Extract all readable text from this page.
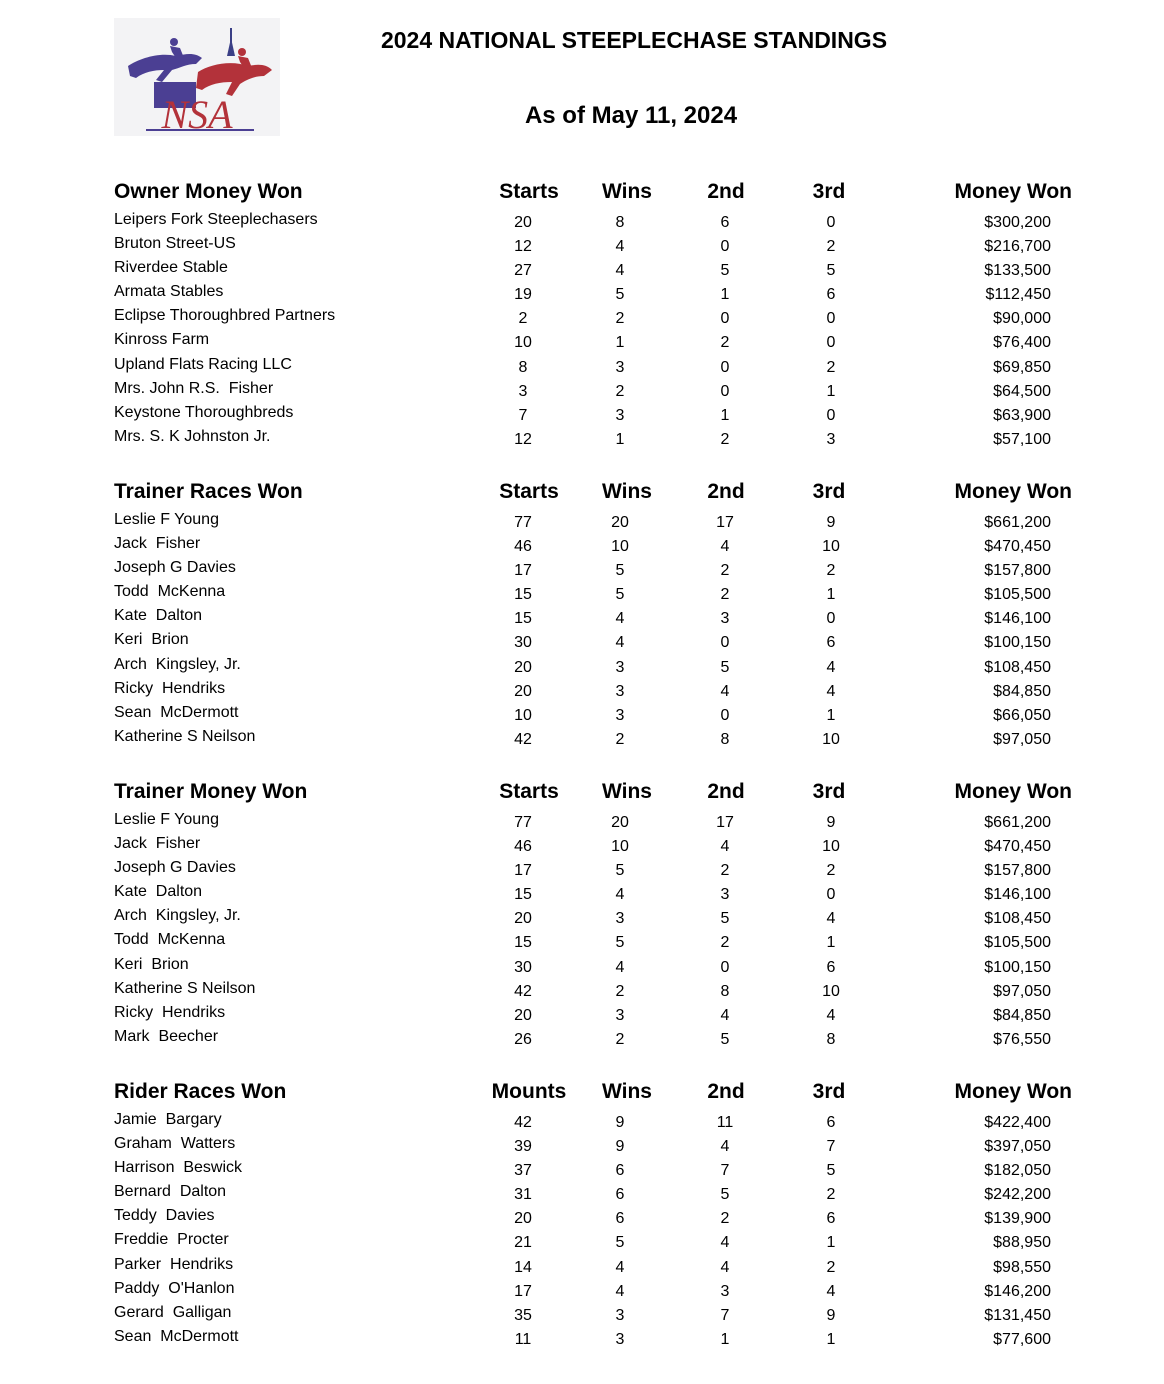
NSA
2024 NATIONAL STEEPLECHASE STANDINGS
As of May 11, 2024
Owner Money Won	Starts	Wins	2nd	3rd	Money Won
Leipers Fork Steeplechasers	20	8	6	0	$300,200
Bruton Street-US	12	4	0	2	$216,700
Riverdee Stable	27	4	5	5	$133,500
Armata Stables	19	5	1	6	$112,450
Eclipse Thoroughbred Partners	2	2	0	0	$90,000
Kinross Farm	10	1	2	0	$76,400
Upland Flats Racing LLC	8	3	0	2	$69,850
Mrs. John R.S.  Fisher	3	2	0	1	$64,500
Keystone Thoroughbreds	7	3	1	0	$63,900
Mrs. S. K Johnston Jr.	12	1	2	3	$57,100
Trainer Races Won	Starts	Wins	2nd	3rd	Money Won
Leslie F Young	77	20	17	9	$661,200
Jack  Fisher	46	10	4	10	$470,450
Joseph G Davies	17	5	2	2	$157,800
Todd  McKenna	15	5	2	1	$105,500
Kate  Dalton	15	4	3	0	$146,100
Keri  Brion	30	4	0	6	$100,150
Arch  Kingsley, Jr.	20	3	5	4	$108,450
Ricky  Hendriks	20	3	4	4	$84,850
Sean  McDermott	10	3	0	1	$66,050
Katherine S Neilson	42	2	8	10	$97,050
Trainer Money Won	Starts	Wins	2nd	3rd	Money Won
Leslie F Young	77	20	17	9	$661,200
Jack  Fisher	46	10	4	10	$470,450
Joseph G Davies	17	5	2	2	$157,800
Kate  Dalton	15	4	3	0	$146,100
Arch  Kingsley, Jr.	20	3	5	4	$108,450
Todd  McKenna	15	5	2	1	$105,500
Keri  Brion	30	4	0	6	$100,150
Katherine S Neilson	42	2	8	10	$97,050
Ricky  Hendriks	20	3	4	4	$84,850
Mark  Beecher	26	2	5	8	$76,550
Rider Races Won	Mounts	Wins	2nd	3rd	Money Won
Jamie  Bargary	42	9	11	6	$422,400
Graham  Watters	39	9	4	7	$397,050
Harrison  Beswick	37	6	7	5	$182,050
Bernard  Dalton	31	6	5	2	$242,200
Teddy  Davies	20	6	2	6	$139,900
Freddie  Procter	21	5	4	1	$88,950
Parker  Hendriks	14	4	4	2	$98,550
Paddy  O'Hanlon	17	4	3	4	$146,200
Gerard  Galligan	35	3	7	9	$131,450
Sean  McDermott	11	3	1	1	$77,600
